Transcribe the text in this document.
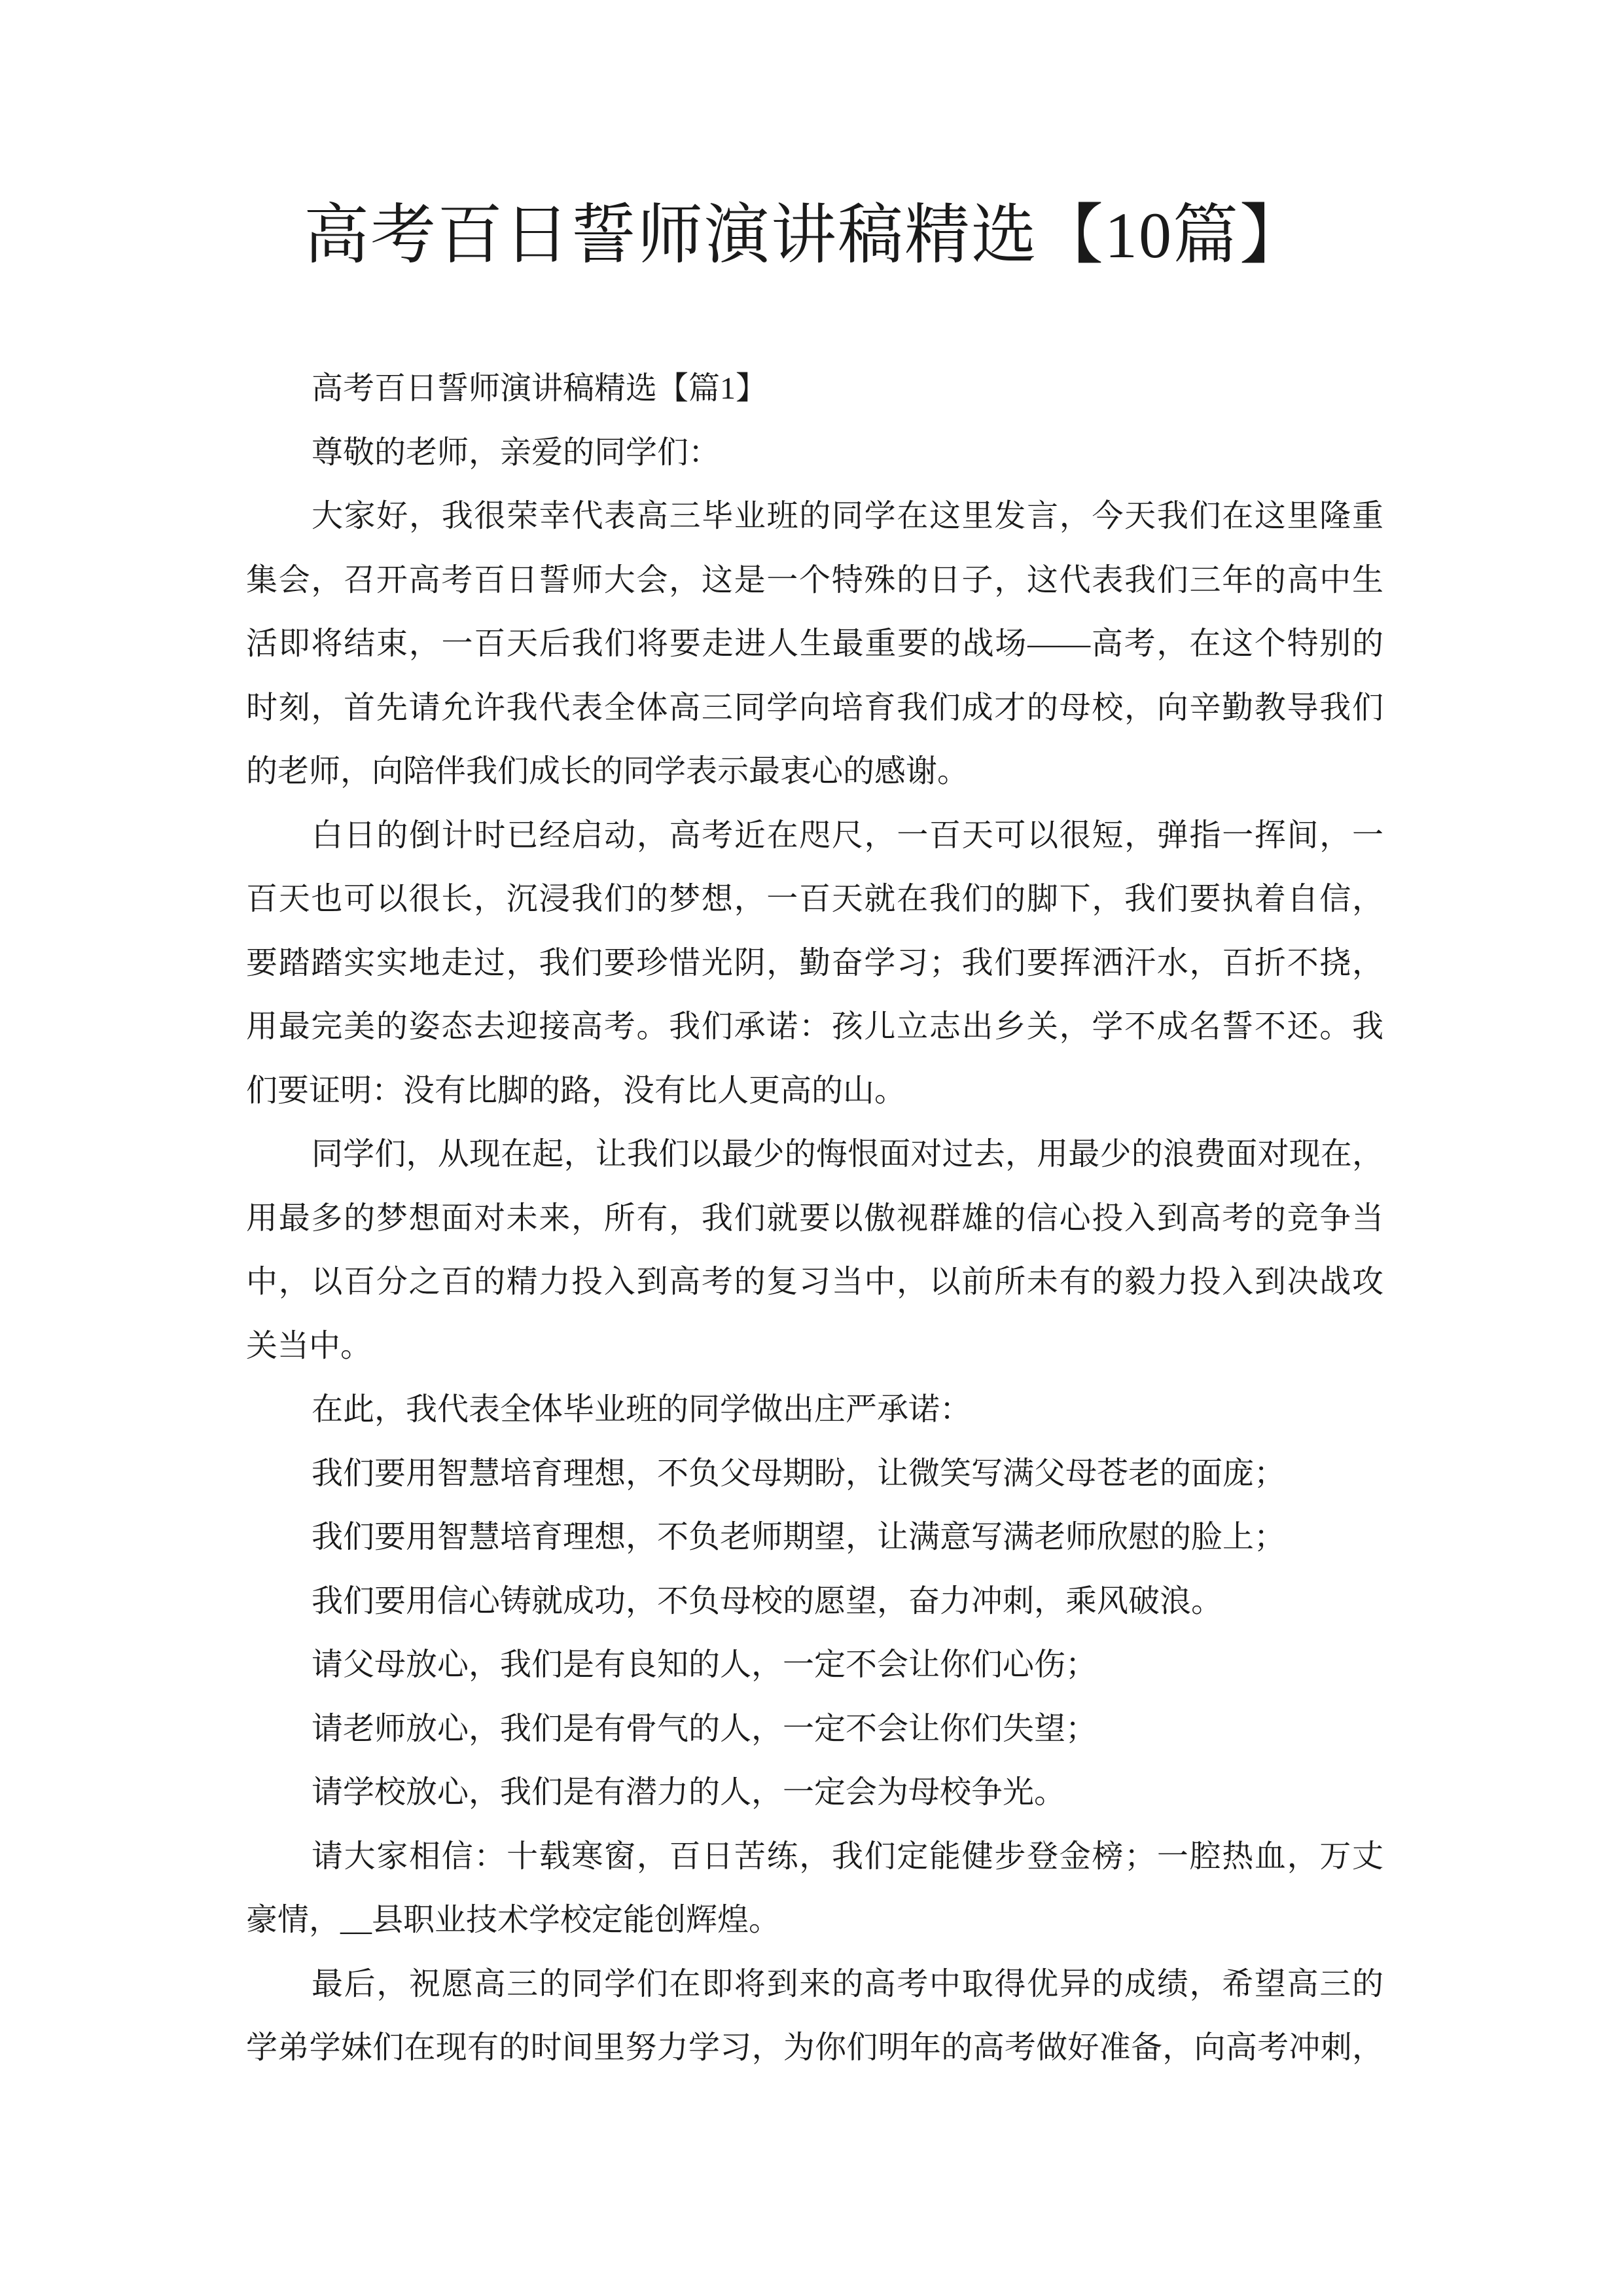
高考百日誓师演讲稿精选【10篇】
高考百日誓师演讲稿精选【篇1】
尊敬的老师，亲爱的同学们：
大家好，我很荣幸代表高三毕业班的同学在这里发言，今天我们在这里隆重
集会，召开高考百日誓师大会，这是一个特殊的日子，这代表我们三年的高中生
活即将结束，一百天后我们将要走进人生最重要的战场——高考，在这个特别的
时刻，首先请允许我代表全体高三同学向培育我们成才的母校，向辛勤教导我们
的老师，向陪伴我们成长的同学表示最衷心的感谢。
白日的倒计时已经启动，高考近在咫尺，一百天可以很短，弹指一挥间，一
百天也可以很长，沉浸我们的梦想，一百天就在我们的脚下，我们要执着自信，
要踏踏实实地走过，我们要珍惜光阴，勤奋学习；我们要挥洒汗水，百折不挠，
用最完美的姿态去迎接高考。我们承诺：孩儿立志出乡关，学不成名誓不还。我
们要证明：没有比脚的路，没有比人更高的山。
同学们，从现在起，让我们以最少的悔恨面对过去，用最少的浪费面对现在，
用最多的梦想面对未来，所有，我们就要以傲视群雄的信心投入到高考的竞争当
中，以百分之百的精力投入到高考的复习当中，以前所未有的毅力投入到决战攻
关当中。
在此，我代表全体毕业班的同学做出庄严承诺：
我们要用智慧培育理想，不负父母期盼，让微笑写满父母苍老的面庞；
我们要用智慧培育理想，不负老师期望，让满意写满老师欣慰的脸上；
我们要用信心铸就成功，不负母校的愿望，奋力冲刺，乘风破浪。
请父母放心，我们是有良知的人，一定不会让你们心伤；
请老师放心，我们是有骨气的人，一定不会让你们失望；
请学校放心，我们是有潜力的人，一定会为母校争光。
请大家相信：十载寒窗，百日苦练，我们定能健步登金榜；一腔热血，万丈
豪情，__县职业技术学校定能创辉煌。
最后，祝愿高三的同学们在即将到来的高考中取得优异的成绩，希望高三的
学弟学妹们在现有的时间里努力学习，为你们明年的高考做好准备，向高考冲刺，
